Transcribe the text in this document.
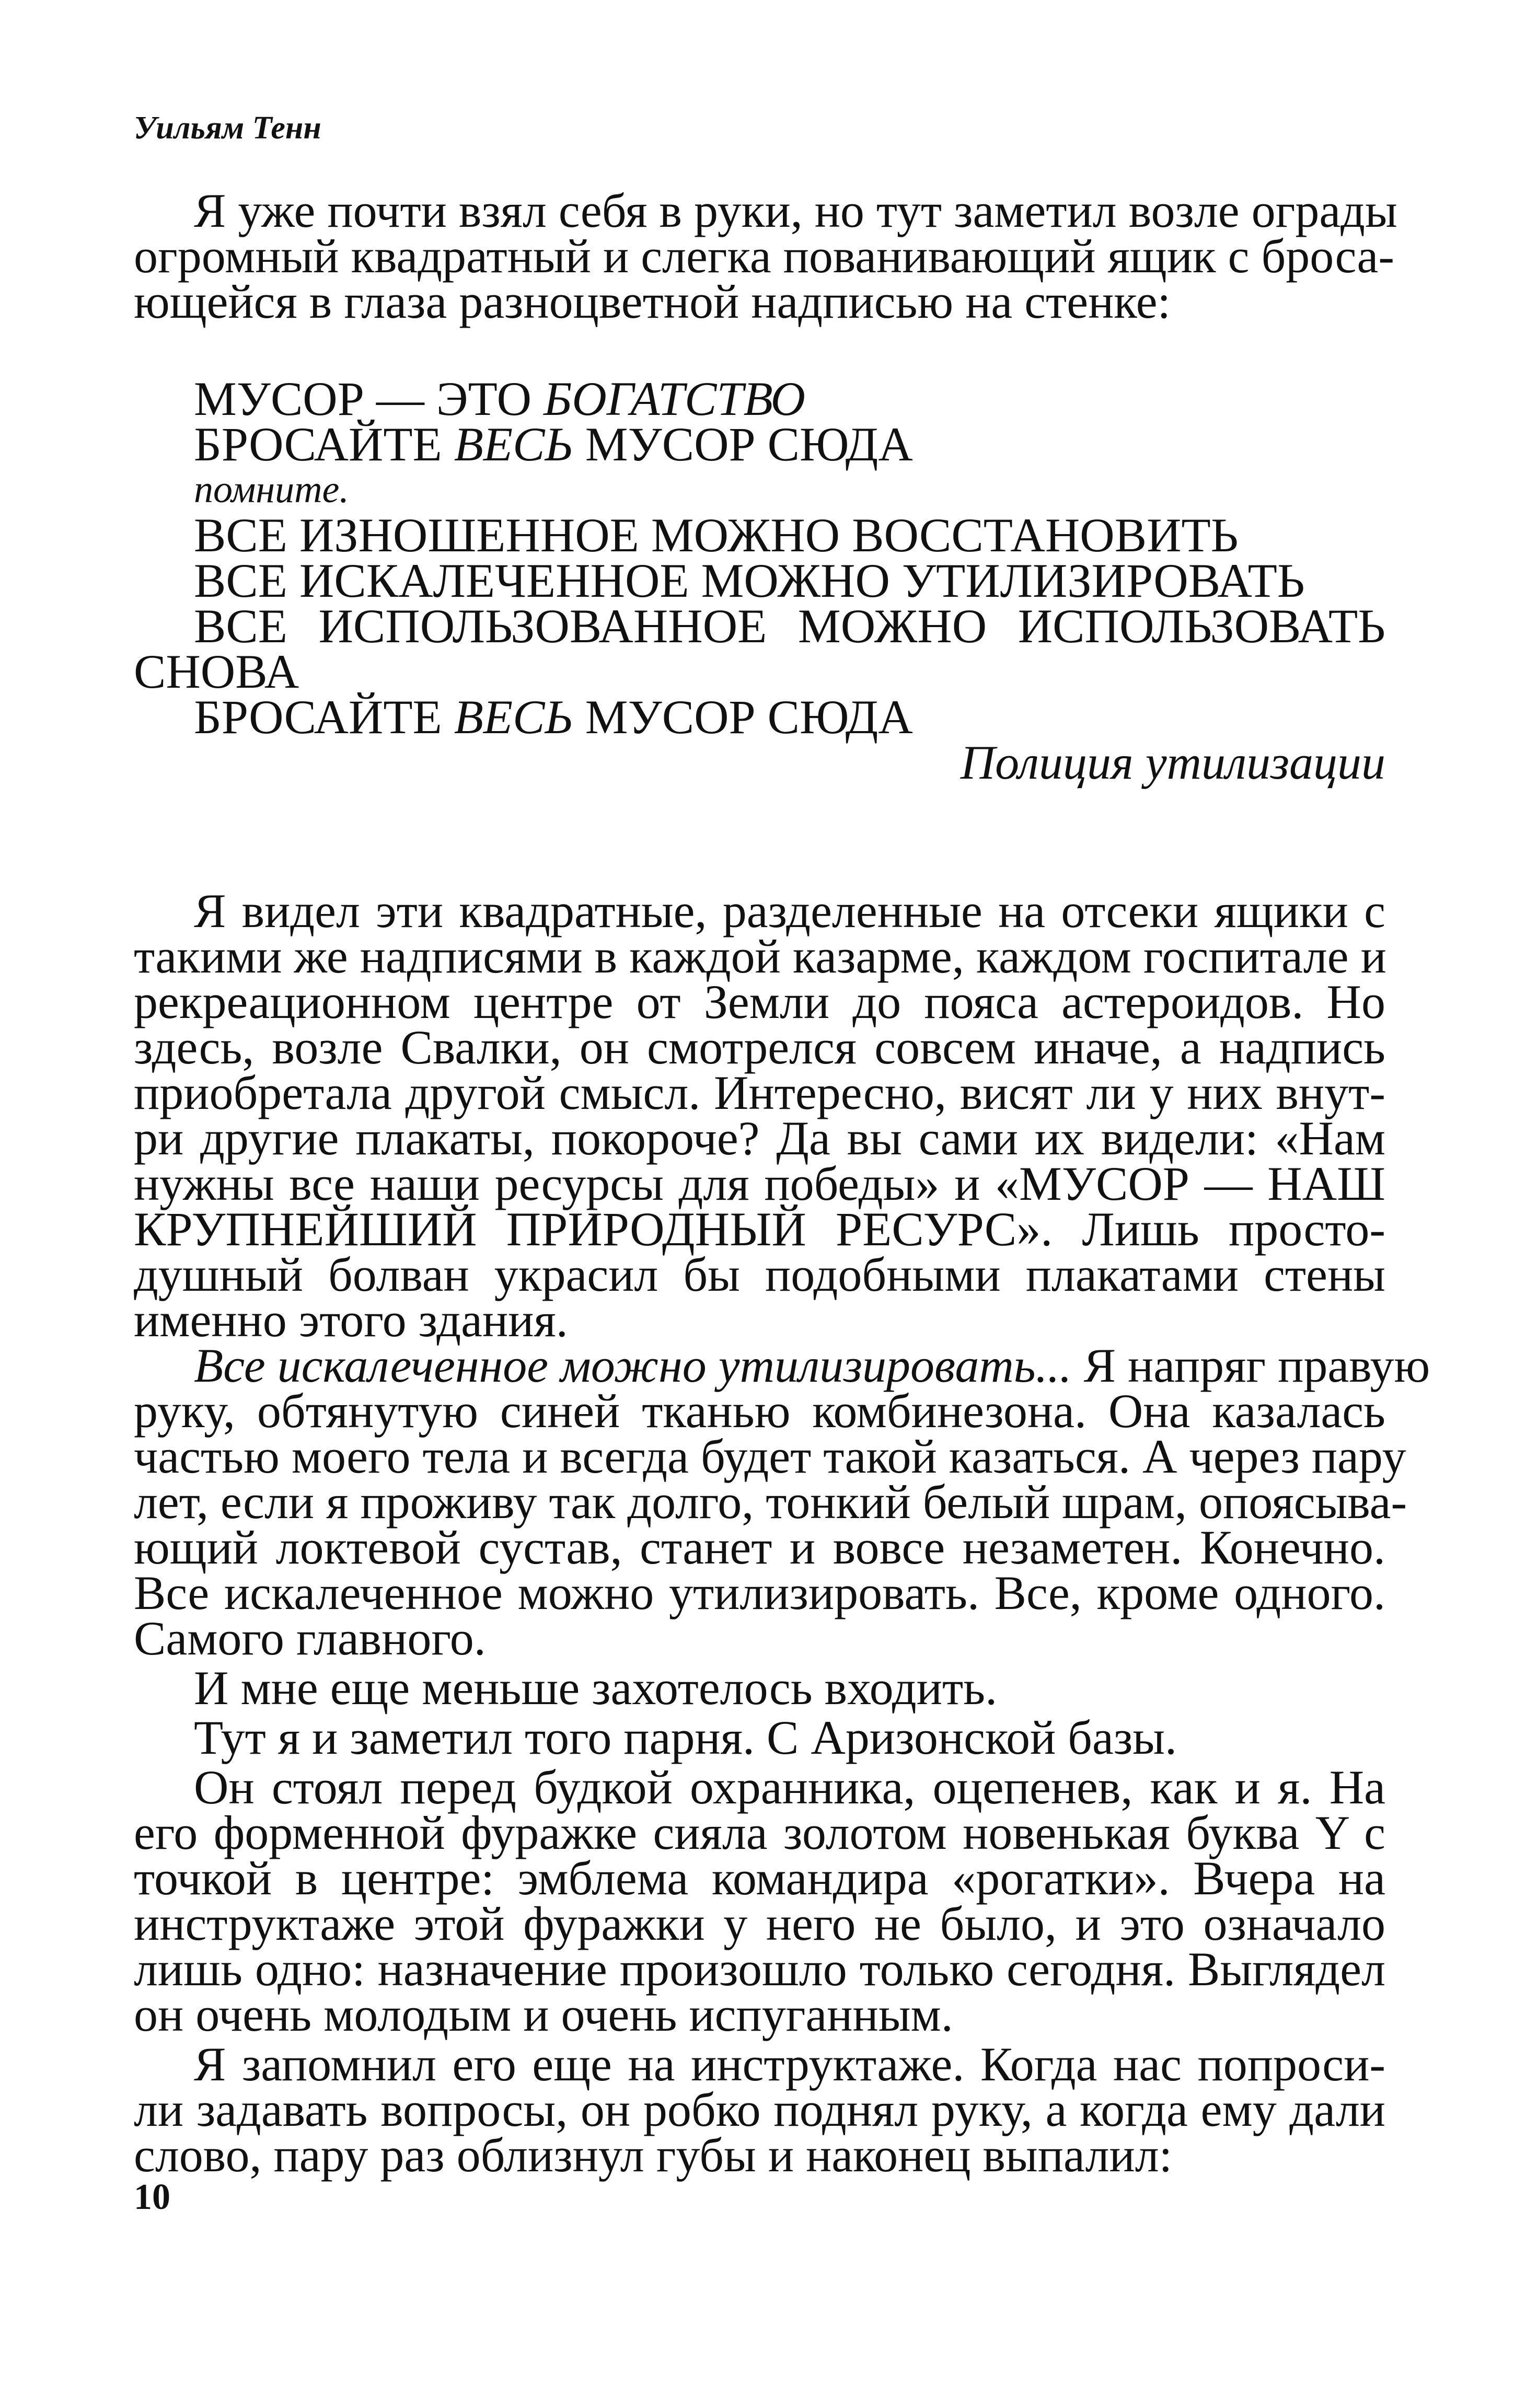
Уильям Тенн
Я уже почти взял себя в руки, но тут заметил возле ограды
огромный квадратный и слегка пованивающий ящик с броса-
ющейся в глаза разноцветной надписью на стенке:
МУСОР — ЭТО БОГАТСТВО
БРОСАЙТЕ ВЕСЬ МУСОР СЮДА
помните.
ВСЕ ИЗНОШЕННОЕ МОЖНО ВОССТАНОВИТЬ
ВСЕ ИСКАЛЕЧЕННОЕ МОЖНО УТИЛИЗИРОВАТЬ
ВСЕ ИСПОЛЬЗОВАННОЕ МОЖНО ИСПОЛЬЗОВАТЬ
СНОВА
БРОСАЙТЕ ВЕСЬ МУСОР СЮДА
Полиция утилизации
Я видел эти квадратные, разделенные на отсеки ящики с
такими же надписями в каждой казарме, каждом госпитале и
рекреационном центре от Земли до пояса астероидов. Но
здесь, возле Свалки, он смотрелся совсем иначе, а надпись
приобретала другой смысл. Интересно, висят ли у них внут-
ри другие плакаты, покороче? Да вы сами их видели: «Нам
нужны все наши ресурсы для победы» и «МУСОР — НАШ
КРУПНЕЙШИЙ ПРИРОДНЫЙ РЕСУРС». Лишь просто-
душный болван украсил бы подобными плакатами стены
именно этого здания.
Все искалеченное можно утилизировать... Я напряг правую
руку, обтянутую синей тканью комбинезона. Она казалась
частью моего тела и всегда будет такой казаться. А через пару
лет, если я проживу так долго, тонкий белый шрам, опоясыва-
ющий локтевой сустав, станет и вовсе незаметен. Конечно.
Все искалеченное можно утилизировать. Все, кроме одного.
Самого главного.
И мне еще меньше захотелось входить.
Тут я и заметил того парня. С Аризонской базы.
Он стоял перед будкой охранника, оцепенев, как и я. На
его форменной фуражке сияла золотом новенькая буква Y с
точкой в центре: эмблема командира «рогатки». Вчера на
инструктаже этой фуражки у него не было, и это означало
лишь одно: назначение произошло только сегодня. Выглядел
он очень молодым и очень испуганным.
Я запомнил его еще на инструктаже. Когда нас попроси-
ли задавать вопросы, он робко поднял руку, а когда ему дали
слово, пару раз облизнул губы и наконец выпалил:
10
